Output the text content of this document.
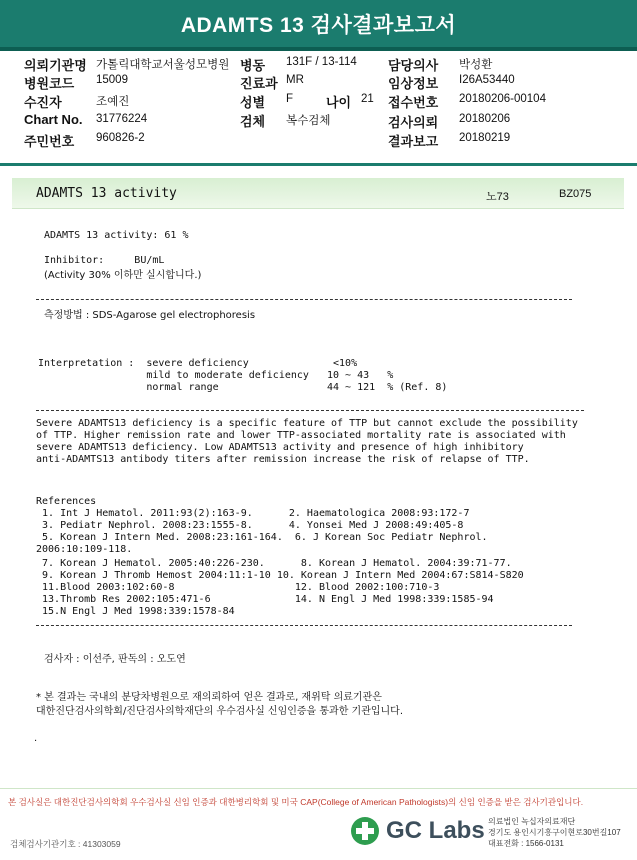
ADAMTS 13 검사결과보고서
의뢰기관명 가톨릭대학교서울성모병원 병동 131F / 13-114 담당의사 박성환
병원코드 15009	진료과 MR	임상정보 I26A53440
수진자	조예진	성별 F	나이 21 접수번호 20180206-00104
Chart No. 31776224	검체 복수검체	검사의뢰 20180206
주민번호 960826-2	결과보고 20180219
ADAMTS 13 activity	노73	BZ075
ADAMTS 13 activity: 61 %
Inhibitor:     BU/mL
(Activity 30% 이하만 실시합니다.)
측정방법 : SDS-Agarose gel electrophoresis
Interpretation :  severe deficiency              <10%
mild to moderate deficiency   10 ~ 43   %
normal range                  44 ~ 121  % (Ref. 8)
Severe ADAMTS13 deficiency is a specific feature of TTP but cannot exclude the possibility
of TTP. Higher remission rate and lower TTP-associated mortality rate is associated with
severe ADAMTS13 deficiency. Low ADAMTS13 activity and presence of high inhibitory
anti-ADAMTS13 antibody titers after remission increase the risk of relapse of TTP.
References
1. Int J Hematol. 2011:93(2):163-9.      2. Haematologica 2008:93:172-7
3. Pediatr Nephrol. 2008:23:1555-8.      4. Yonsei Med J 2008:49:405-8
5. Korean J Intern Med. 2008:23:161-164.  6. J Korean Soc Pediatr Nephrol.
2006:10:109-118.
7. Korean J Hematol. 2005:40:226-230.      8. Korean J Hematol. 2004:39:71-77.
9. Korean J Thromb Hemost 2004:11:1-10 10. Korean J Intern Med 2004:67:S814-S820
11.Blood 2003:102:60-8                    12. Blood 2002:100:710-3
13.Thromb Res 2002:105:471-6              14. N Engl J Med 1998:339:1585-94
15.N Engl J Med 1998:339:1578-84
검사자 : 이선주, 판독의 : 오도연
* 본 결과는 국내의 분당차병원으로 재의뢰하여 얻은 결과로, 재위탁 의료기관은
대한진단검사의학회/진단검사의학재단의 우수검사실 신임인증을 통과한 기관입니다.
.
본 검사실은 대한진단검사의학회 우수검사실 신임 인증과 대한병리학회 및 미국 CAP(College of American Pathologists)의 신임 인증을 받은 검사기관입니다.
검체검사기관기호 : 41303059	GC Labs 의료법인 녹십자의료재단
경기도 용인시기흥구이현로30번길107
대표전화 : 1566-0131
